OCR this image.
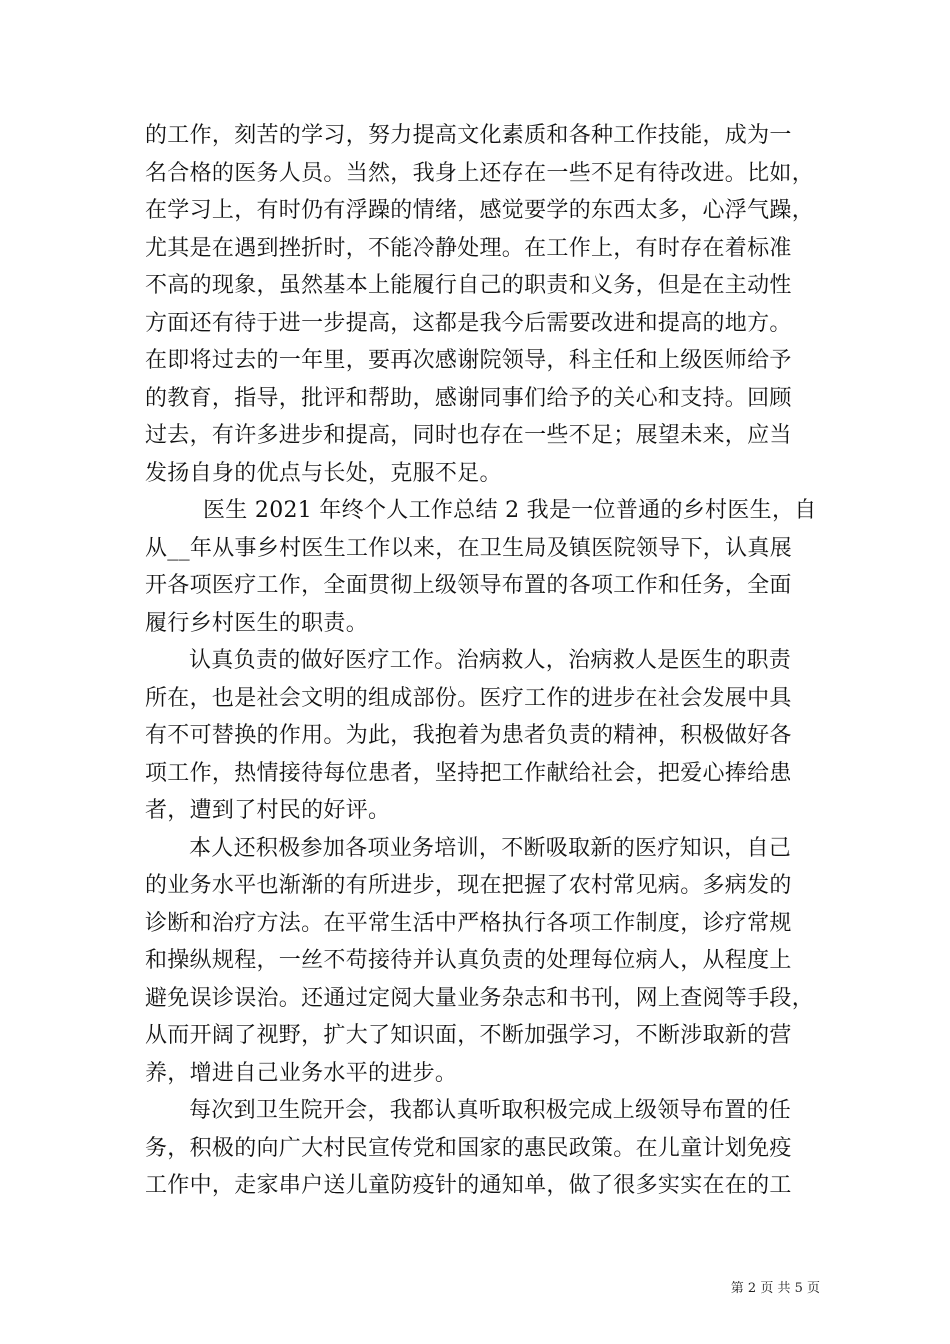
的工作，刻苦的学习，努力提高文化素质和各种工作技能，成为一
名合格的医务人员。当然，我身上还存在一些不足有待改进。比如，
在学习上，有时仍有浮躁的情绪，感觉要学的东西太多，心浮气躁，
尤其是在遇到挫折时，不能冷静处理。在工作上，有时存在着标准
不高的现象，虽然基本上能履行自己的职责和义务，但是在主动性
方面还有待于进一步提高，这都是我今后需要改进和提高的地方。
在即将过去的一年里，要再次感谢院领导，科主任和上级医师给予
的教育，指导，批评和帮助，感谢同事们给予的关心和支持。回顾
过去，有许多进步和提高，同时也存在一些不足；展望未来，应当
发扬自身的优点与长处，克服不足。
医生 2021 年终个人工作总结 2 我是一位普通的乡村医生，自
从__年从事乡村医生工作以来，在卫生局及镇医院领导下，认真展
开各项医疗工作，全面贯彻上级领导布置的各项工作和任务，全面
履行乡村医生的职责。
认真负责的做好医疗工作。治病救人，治病救人是医生的职责
所在，也是社会文明的组成部份。医疗工作的进步在社会发展中具
有不可替换的作用。为此，我抱着为患者负责的精神，积极做好各
项工作，热情接待每位患者，坚持把工作献给社会，把爱心捧给患
者，遭到了村民的好评。
本人还积极参加各项业务培训，不断吸取新的医疗知识，自己
的业务水平也渐渐的有所进步，现在把握了农村常见病。多病发的
诊断和治疗方法。在平常生活中严格执行各项工作制度，诊疗常规
和操纵规程，一丝不苟接待并认真负责的处理每位病人，从程度上
避免误诊误治。还通过定阅大量业务杂志和书刊，网上查阅等手段，
从而开阔了视野，扩大了知识面，不断加强学习，不断涉取新的营
养，增进自己业务水平的进步。
每次到卫生院开会，我都认真听取积极完成上级领导布置的任
务，积极的向广大村民宣传党和国家的惠民政策。在儿童计划免疫
工作中，走家串户送儿童防疫针的通知单，做了很多实实在在的工
第 2 页 共 5 页
